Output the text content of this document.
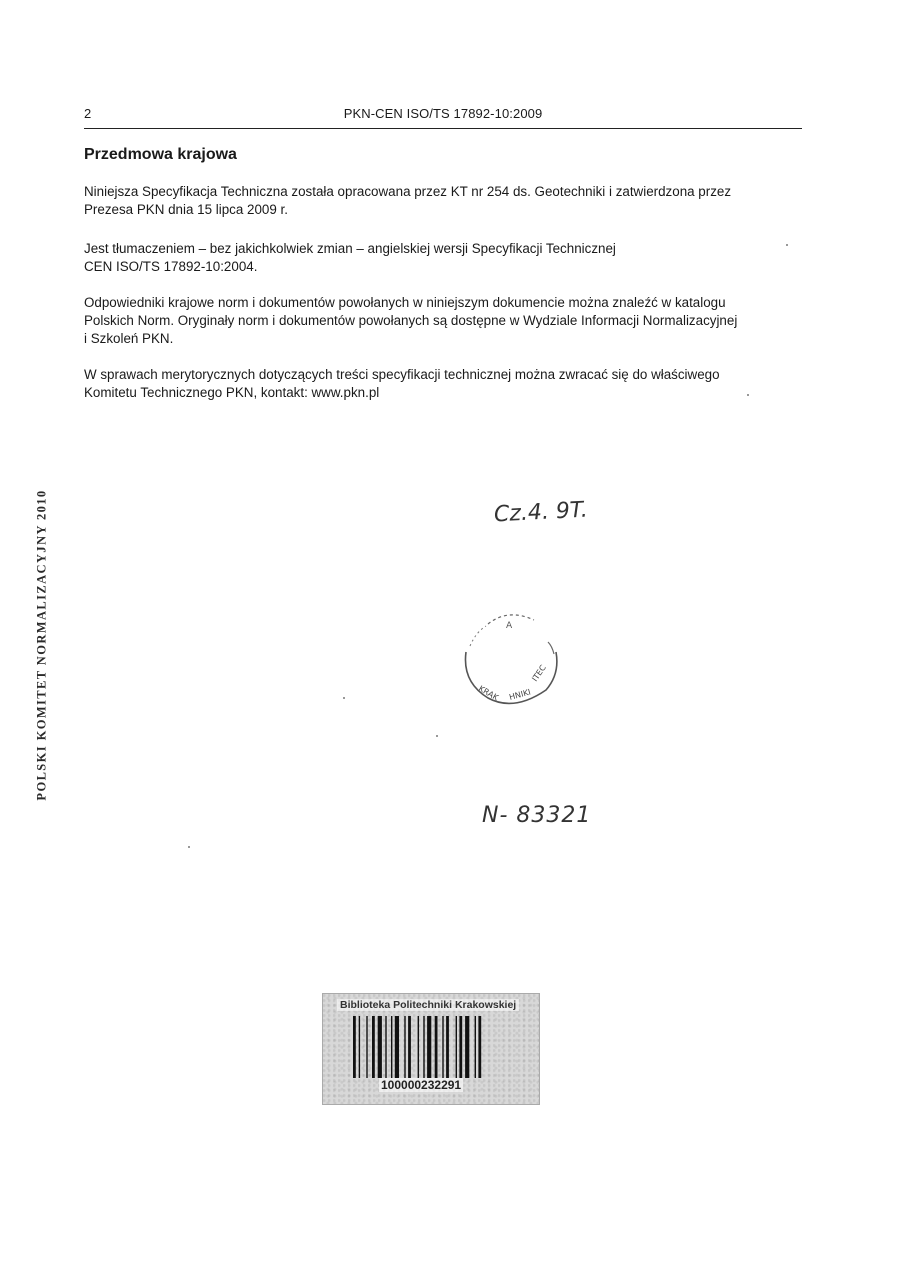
2	PKN-CEN ISO/TS 17892-10:2009
Przedmowa krajowa

Niniejsza Specyfikacja Techniczna została opracowana przez KT nr 254 ds. Geotechniki i zatwierdzona przez
Prezesa PKN dnia 15 lipca 2009 r.

Jest tłumaczeniem – bez jakichkolwiek zmian – angielskiej wersji Specyfikacji Technicznej
CEN ISO/TS 17892-10:2004.

Odpowiedniki krajowe norm i dokumentów powołanych w niniejszym dokumencie można znaleźć w katalogu
Polskich Norm. Oryginały norm i dokumentów powołanych są dostępne w Wydziale Informacji Normalizacyjnej
i Szkoleń PKN.

W sprawach merytorycznych dotyczących treści specyfikacji technicznej można zwracać się do właściwego
Komitetu Technicznego PKN, kontakt: www.pkn.pl

POLSKI KOMITET NORMALIZACYJNY 2010	Cz.4. 9T.
KRAK HNIKI
ITEC
A
N- 83321
Biblioteka Politechniki Krakowskiej
100000232291
